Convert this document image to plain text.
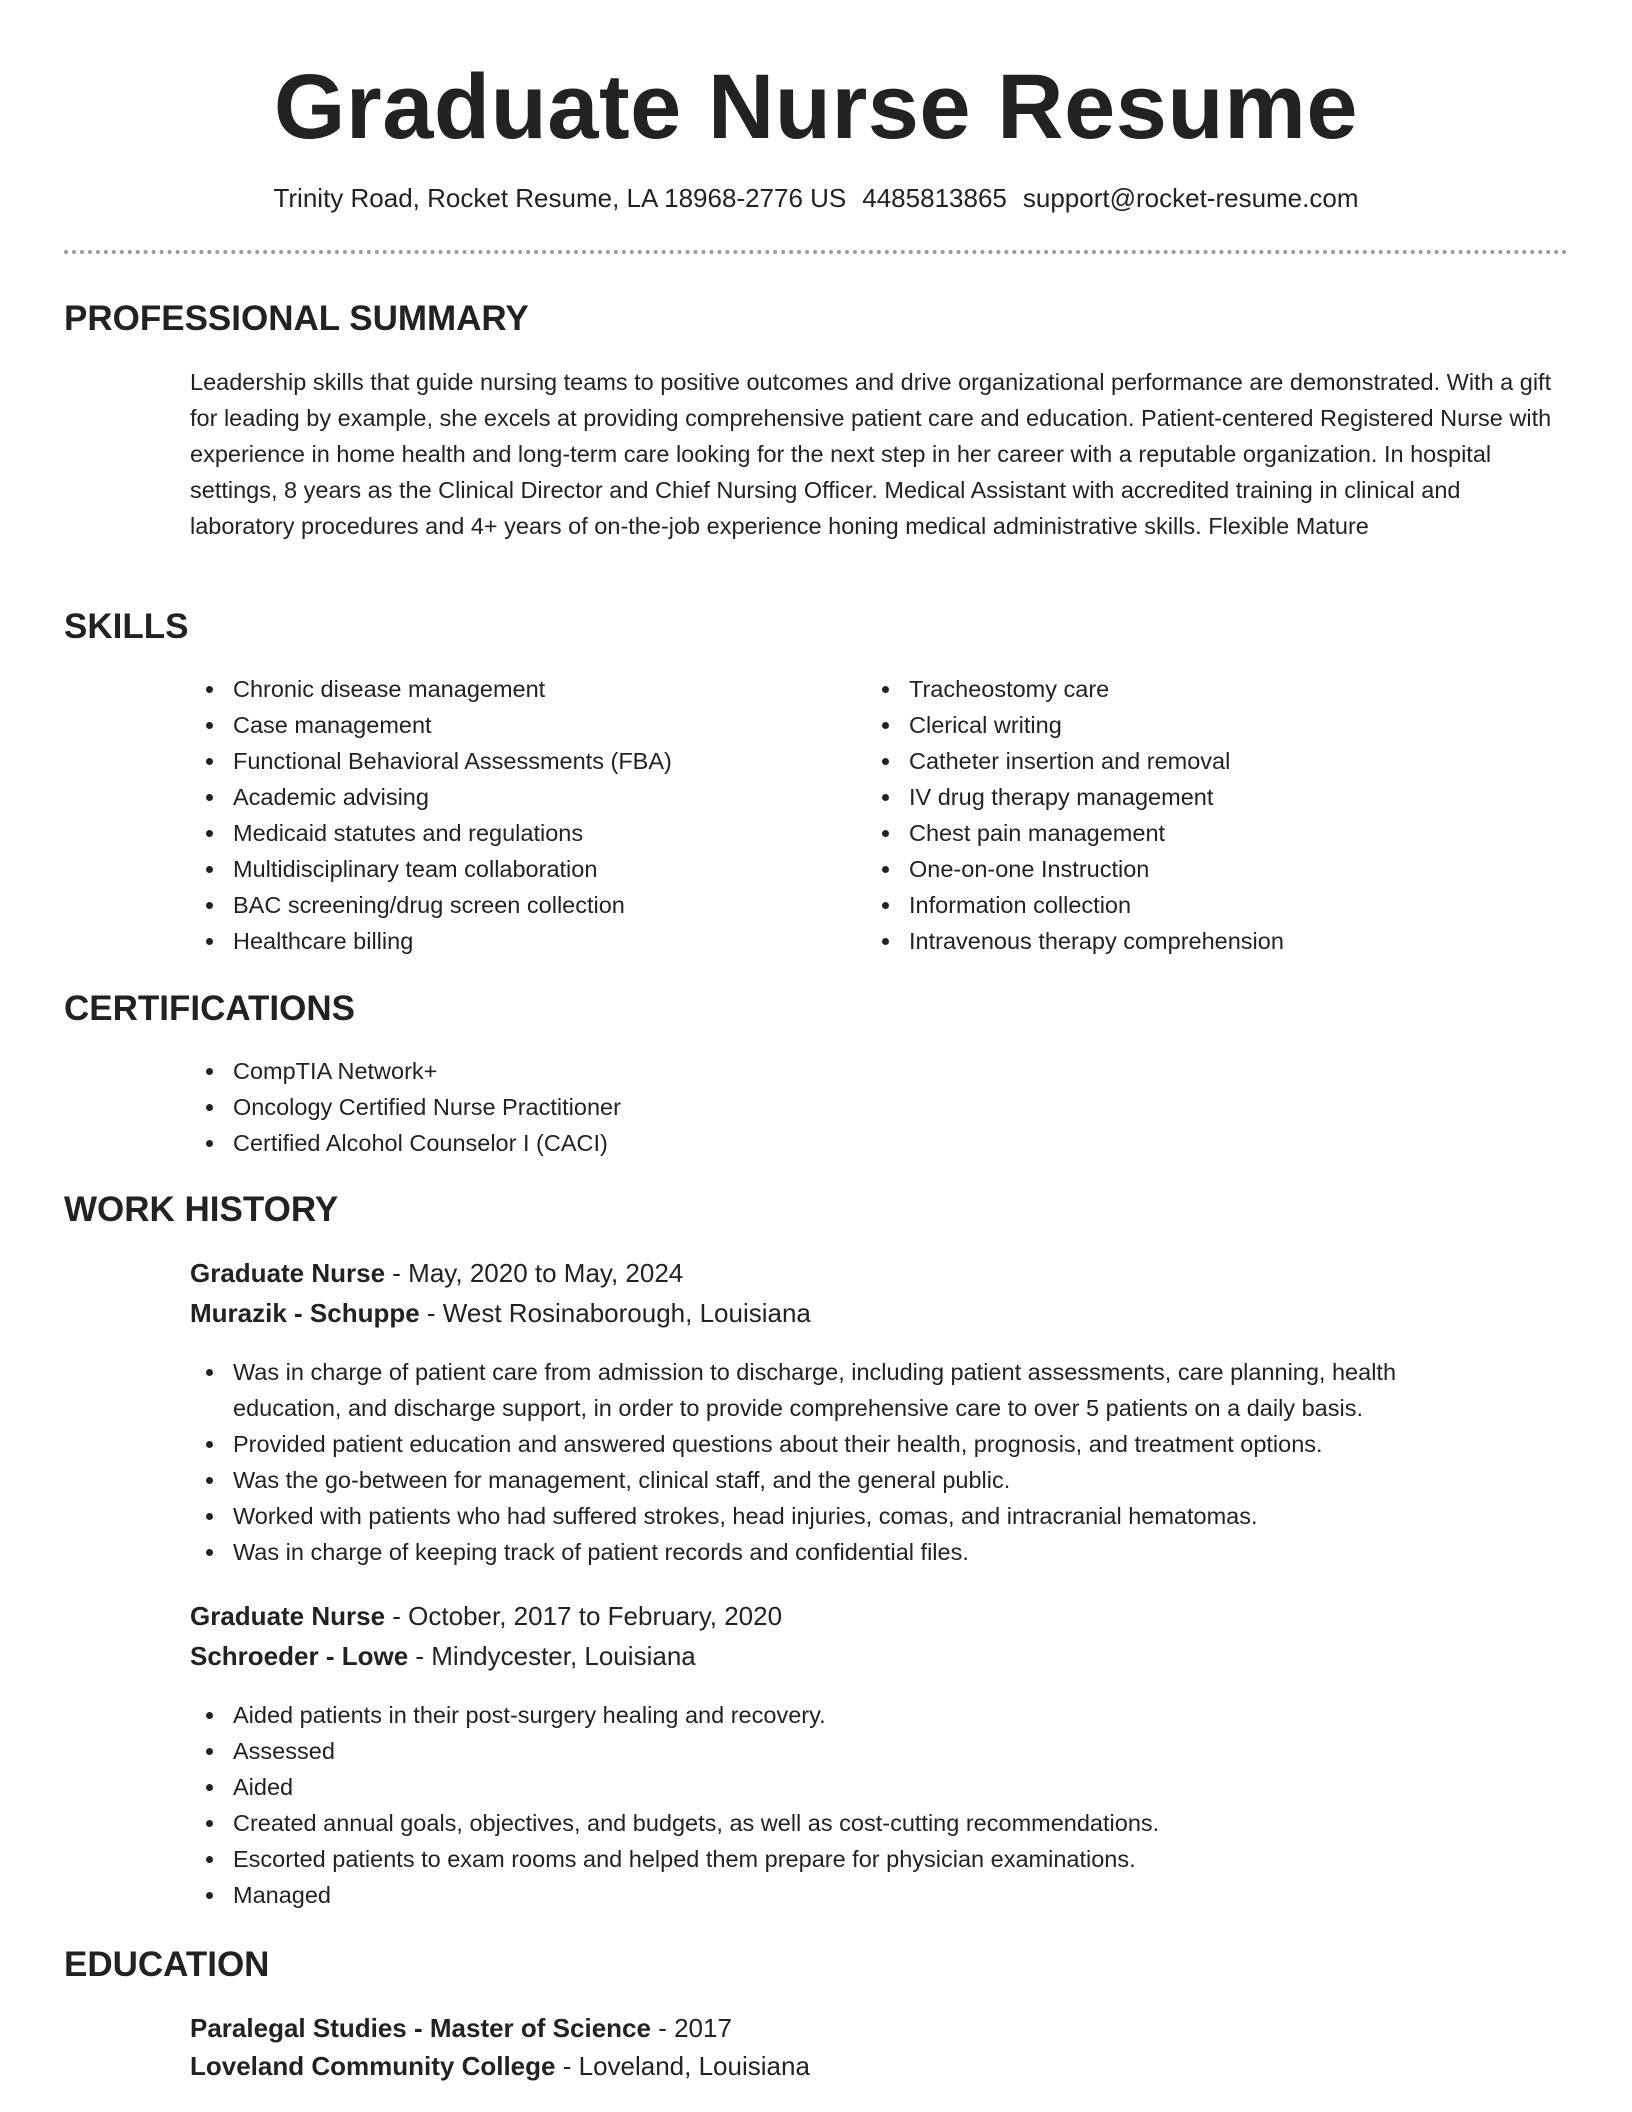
Graduate Nurse Resume
Trinity Road, Rocket Resume, LA 18968-2776 US 4485813865 support@rocket-resume.com
PROFESSIONAL SUMMARY

Leadership skills that guide nursing teams to positive outcomes and drive organizational performance are demonstrated. With a gift for leading by example, she excels at providing comprehensive patient care and education. Patient-centered Registered Nurse with experience in home health and long-term care looking for the next step in her career with a reputable organization. In hospital settings, 8 years as the Clinical Director and Chief Nursing Officer. Medical Assistant with accredited training in clinical and laboratory procedures and 4+ years of on-the-job experience honing medical administrative skills. Flexible Mature

SKILLS
Chronic disease management
Case management
Functional Behavioral Assessments (FBA)
Academic advising
Medicaid statutes and regulations
Multidisciplinary team collaboration
BAC screening/drug screen collection
Healthcare billing
Tracheostomy care
Clerical writing
Catheter insertion and removal
IV drug therapy management
Chest pain management
One-on-one Instruction
Information collection
Intravenous therapy comprehension
CERTIFICATIONS
CompTIA Network+
Oncology Certified Nurse Practitioner
Certified Alcohol Counselor I (CACI)
WORK HISTORY
Graduate Nurse - May, 2020 to May, 2024
Murazik - Schuppe - West Rosinaborough, Louisiana
Was in charge of patient care from admission to discharge, including patient assessments, care planning, health education, and discharge support, in order to provide comprehensive care to over 5 patients on a daily basis.
Provided patient education and answered questions about their health, prognosis, and treatment options.
Was the go-between for management, clinical staff, and the general public.
Worked with patients who had suffered strokes, head injuries, comas, and intracranial hematomas.
Was in charge of keeping track of patient records and confidential files.
Graduate Nurse - October, 2017 to February, 2020
Schroeder - Lowe - Mindycester, Louisiana
Aided patients in their post-surgery healing and recovery.
Assessed
Aided
Created annual goals, objectives, and budgets, as well as cost-cutting recommendations.
Escorted patients to exam rooms and helped them prepare for physician examinations.
Managed
EDUCATION
Paralegal Studies - Master of Science - 2017
Loveland Community College - Loveland, Louisiana
